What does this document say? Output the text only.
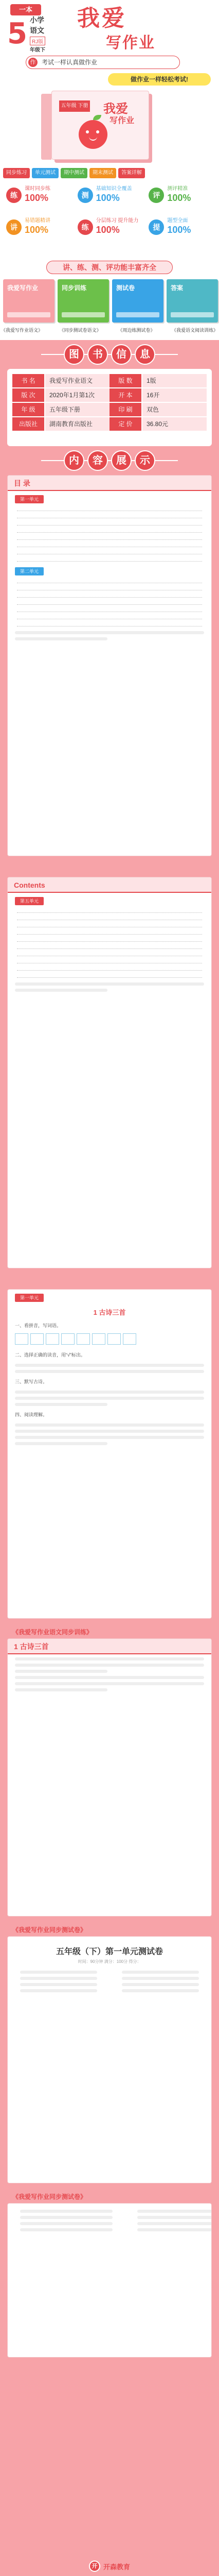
一本
5 小学
语文
RJ版
年级下
我爱
写作业
作 考试一样认真做作业
做作业一样轻松考试!
五年级 下册 我爱
写作业
同步练习	单元测试	期中测试	期末测试	答案详解
练
课时同步练
100%	测
基础知识全覆盖
100%	评
测评精准
100%
讲
易错题精讲
100%	练
分层练习 提升能力
100%	提
题型全面
100%
讲、练、测、评功能丰富齐全
我爱写作业	同步训练	测试卷	答案
《我爱写作业语文》	《同步测试卷语文》	《周边练测试卷》	《我爱语文阅读训练》
图	书	信	息
书 名	我爱写作业语文	版 数	1版
版 次	2020年1月第1次	开 本	16开
年 级	五年级下册	印 刷	双色
出版社	湖南教育出版社	定 价	36.80元
内	容	展	示
目 录
第一单元
第二单元
Contents
第五单元
第一单元
1 古诗三首
一、看拼音，写词语。
二、选择正确的读音，用“√”标出。
三、默写古诗。
四、阅读理解。
《我爱写作业语文同步训练》
1 古诗三首
《我爱写作业同步测试卷》
五年级（下）第一单元测试卷
时间：90分钟 满分：100分 得分：
《我爱写作业同步测试卷》
开 开森教育
